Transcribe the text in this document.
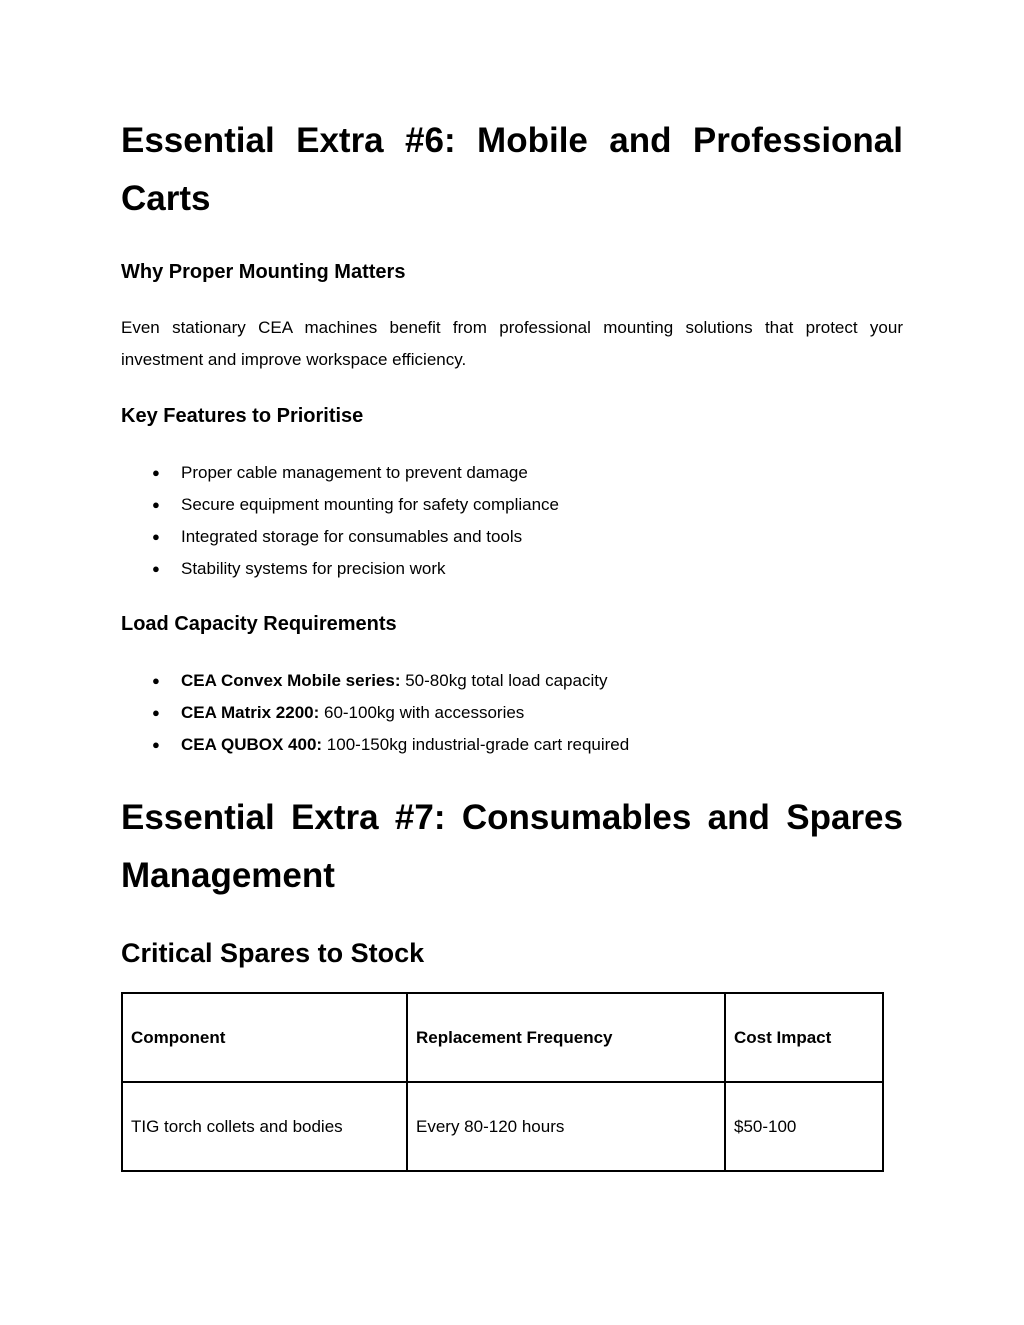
Essential Extra #6: Mobile and Professional Carts
Why Proper Mounting Matters

Even stationary CEA machines benefit from professional mounting solutions that protect your investment and improve workspace efficiency.

Key Features to Prioritise
● Proper cable management to prevent damage
● Secure equipment mounting for safety compliance
● Integrated storage for consumables and tools
● Stability systems for precision work
Load Capacity Requirements
● CEA Convex Mobile series: 50-80kg total load capacity
● CEA Matrix 2200: 60-100kg with accessories
● CEA QUBOX 400: 100-150kg industrial-grade cart required
Essential Extra #7: Consumables and Spares Management
Critical Spares to Stock
Component	Replacement Frequency	Cost Impact
TIG torch collets and bodies	Every 80-120 hours	$50-100
